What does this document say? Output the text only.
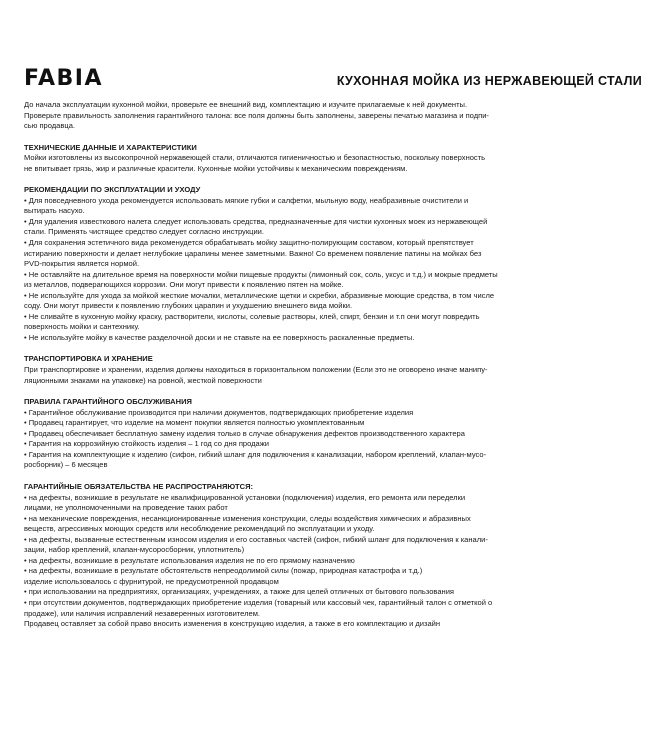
FABIA	КУХОННАЯ МОЙКА ИЗ НЕРЖАВЕЮЩЕЙ СТАЛИ

До начала эксплуатации кухонной мойки, проверьте ее внешний вид, комплектацию и изучите прилагаемые к ней документы.

Проверьте правильность заполнения гарантийного талона: все поля должны быть заполнены, заверены печатью магазина и подпи-

сью продавца.

ТЕХНИЧЕСКИЕ ДАННЫЕ И ХАРАКТЕРИСТИКИ

Мойки изготовлены из высокопрочной нержавеющей стали, отличаются гигиеничностью и безопастностью, поскольку поверхность

не впитывает грязь, жир и различные красители. Кухонные мойки устойчивы к механическим повреждениям.

РЕКОМЕНДАЦИИ ПО ЭКСПЛУАТАЦИИ И УХОДУ

• Для повседневного ухода рекомендуется использовать мягкие губки и салфетки, мыльную воду, неабразивные очистители и

вытирать насухо.

• Для удаления известкового налета следует использовать средства, предназначенные для чистки кухонных моек из нержавеющей

стали. Применять чистящее средство следует согласно инструкции.

• Для сохранения эстетичного вида рекоменудется обрабатывать мойку защитно-полирующим составом, который препятствует

истиранию поверхности и делает неглубокие царапины менее заметными. Важно! Со временем появление патины на мойках без

PVD-покрытия является нормой.

• Не оставляйте на длительное время на поверхности мойки пищевые продукты (лимонный сок, соль, уксус и т.д.) и мокрые предметы

из металлов, подверагющихся коррозии. Они могут привести к появлению пятен на мойке.

• Не используйте для ухода за мойкой жесткие мочалки, металлические щетки и скребки, абразивные моющие средства, в том числе

соду. Они могут привести к появлению глубоких царапин и ухудшению внешнего вида мойки.

• Не сливайте в кухонную мойку краску, растворители, кислоты, солевые растворы, клей, спирт, бензин и т.п они могут повредить

поверхность мойки и сантехнику.

• Не используйте мойку в качестве разделочной доски и не ставьте на ее поверхность раскаленные предметы.

ТРАНСПОРТИРОВКА И ХРАНЕНИЕ

При транспортировке и хранении, изделия должны находиться в горизонтальном положении (Если это не оговорено иначе манипу-

ляционными знаками на упаковке) на ровной, жесткой поверхности

ПРАВИЛА ГАРАНТИЙНОГО ОБСЛУЖИВАНИЯ

• Гарантийное обслуживание производится при наличии документов, подтверждающих приобретение изделия

• Продавец гарантирует, что изделие на момент покупки является полностью укомплектованным

• Продавец обеспечивает бесплатную замену изделия только в случае обнаружения дефектов производственного характера

• Гарантия на коррозийную стойкость изделия – 1 год со дня продажи

• Гарантия на комплектующие к изделию (сифон, гибкий шланг для подключения к канализации, набором креплений, клапан-мусо-

росборник) – 6 месяцев

ГАРАНТИЙНЫЕ ОБЯЗАТЕЛЬСТВА НЕ РАСПРОСТРАНЯЮТСЯ:

• на дефекты, возникшие в результате не квалифицированной установки (подключения) изделия, его ремонта или переделки

лицами, не уполномоченными на проведение таких работ

• на механические повреждения, несанкционированные изменения конструкции, следы воздействия химических и абразивных

веществ, агрессивных моющих средств или несоблюдение рекомендаций по эксплуатации и уходу.

• на дефекты, вызванные естественным износом изделия и его составных частей (сифон, гибкий шланг для подключения к канали-

зации, набор креплений, клапан-мусоросборник, уплотнитель)

• на дефекты, возникшие в результате использования изделия не по его прямому назначению

• на дефекты, возникшие в результате обстоятельств непреодолимой силы (пожар, природная катастрофа и т.д.)

изделие использовалось с фурнитурой, не предусмотренной продавцом

• при использовании на предприятиях, организациях, учреждениях, а также для целей отличных от бытового пользования

• при отсутствии документов, подтверждающих приобретение изделия (товарный или кассовый чек, гарантийный талон с отметкой о

продаже), или наличия исправлений незаверенных изготовителем.

Продавец оставляет за собой право вносить изменения в конструкцию изделия, а также в его комплектацию и дизайн
